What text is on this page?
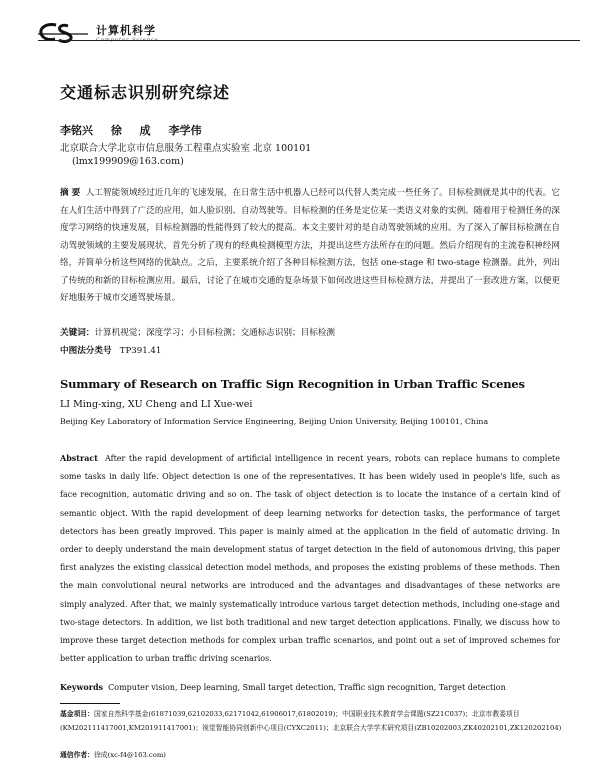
计算机科学
交通标志识别研究综述
李铭兴 徐 成 李学伟
北京联合大学北京市信息服务工程重点实验室 北京 100101
(lmx199909@163.com)
摘 要 人工智能领域经过近几年的飞速发展，在日常生活中机器人已经可以代替人类完成一些任务了。目标检测就是其中的代表。它在人们生活中得到了广泛的应用，如人脸识别、自动驾驶等。目标检测的任务是定位某一类语义对象的实例。随着用于检测任务的深度学习网络的快速发展，目标检测器的性能得到了较大的提高。本文主要针对的是自动驾驶领域的应用。为了深入了解目标检测在自动驾驶领域的主要发展现状，首先分析了现有的经典检测模型方法，并提出这些方法所存在的问题。然后介绍现有的主流卷积神经网络，并简单分析这些网络的优缺点。之后，主要系统介绍了各种目标检测方法，包括 one-stage 和 two-stage 检测器。此外，列出了传统的和新的目标检测应用。最后，讨论了在城市交通的复杂场景下如何改进这些目标检测方法，并提出了一套改进方案，以便更好地服务于城市交通驾驶场景。
关键词：计算机视觉；深度学习；小目标检测；交通标志识别；目标检测
中图法分类号 TP391.41
Summary of Research on Traffic Sign Recognition in Urban Traffic Scenes
LI Ming-xing, XU Cheng and LI Xue-wei
Beijing Key Laboratory of Information Service Engineering, Beijing Union University, Beijing 100101, China
Abstract After the rapid development of artificial intelligence in recent years, robots can replace humans to complete some tasks in daily life. Object detection is one of the representatives. It has been widely used in people's life, such as face recognition, automatic driving and so on. The task of object detection is to locate the instance of a certain kind of semantic object. With the rapid development of deep learning networks for detection tasks, the performance of target detectors has been greatly improved. This paper is mainly aimed at the application in the field of automatic driving. In order to deeply understand the main development status of target detection in the field of autonomous driving, this paper first analyzes the existing classical detection model methods, and proposes the existing problems of these methods. Then the main convolutional neural networks are introduced and the advantages and disadvantages of these networks are simply analyzed. After that, we mainly systematically introduce various target detection methods, including one-stage and two-stage detectors. In addition, we list both traditional and new target detection applications. Finally, we discuss how to improve these target detection methods for complex urban traffic scenarios, and point out a set of improved schemes for better application to urban traffic driving scenarios.
Keywords Computer vision, Deep learning, Small target detection, Traffic sign recognition, Target detection
基金项目：国家自然科学基金(61871039,62102033,62171042,61906017,61802019)；中国职业技术教育学会课题(SZ21C037)；北京市教委项目(KM202111417001,KM201911417001)；视觉智能协同创新中心项目(CYXC2011)；北京联合大学学术研究项目(ZB10202003,ZK40202101,ZK120202104)
通信作者：徐成(xc-f4@163.com)
